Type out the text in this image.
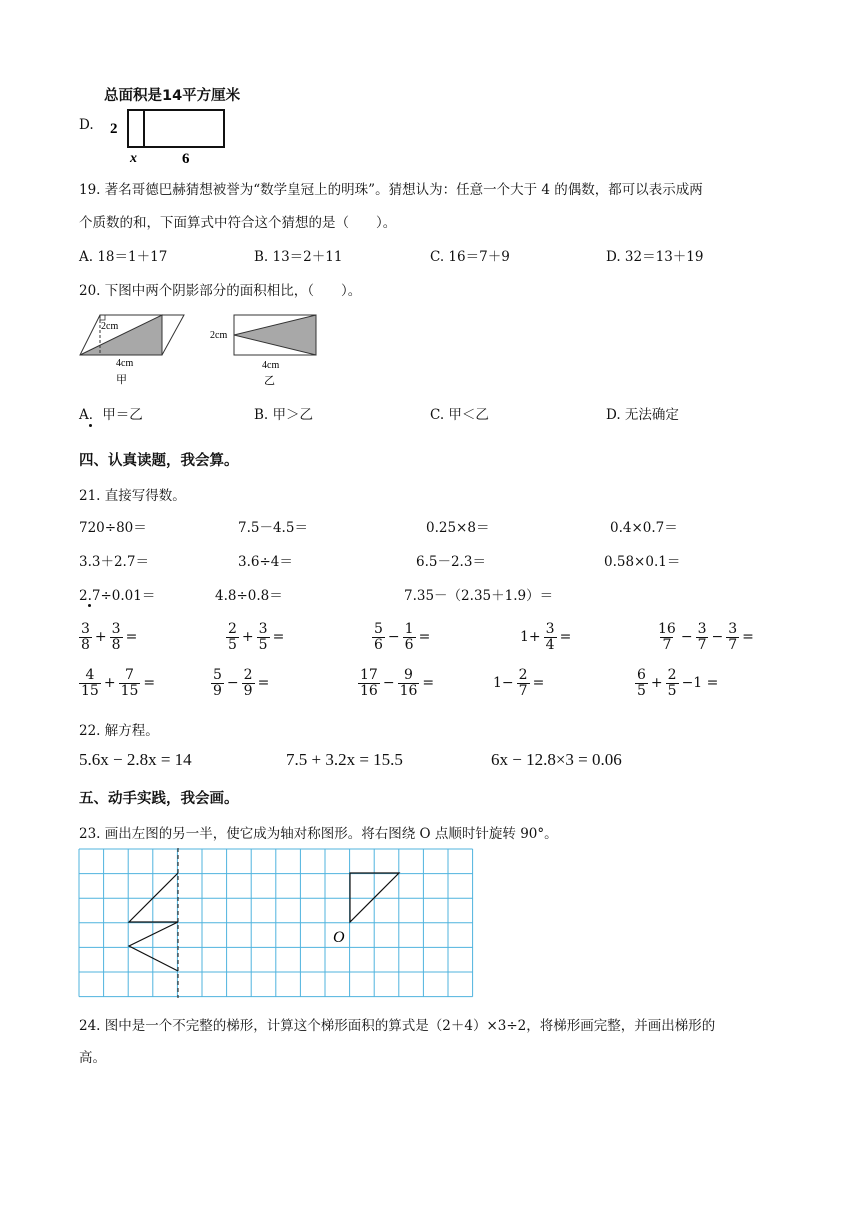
总面积是14平方厘米
D. 2
x	6
19. 著名哥德巴赫猜想被誉为“数学皇冠上的明珠”。猜想认为：任意一个大于 4 的偶数，都可以表示成两
个质数的和，下面算式中符合这个猜想的是（　　）。
A. 18＝1＋17	B. 13＝2＋11	C. 16＝7＋9	D. 32＝13＋19
20. 下图中两个阴影部分的面积相比，（　　）。
2cm
4cm
甲
2cm
4cm
乙
A．甲＝乙	B. 甲＞乙	C. 甲＜乙	D. 无法确定
四、认真读题，我会算。
21. 直接写得数。
720÷80＝	7.5－4.5＝	0.25×8＝	0.4×0.7＝
3.3＋2.7＝	3.6÷4＝	6.5－2.3＝	0.58×0.1＝
2.7÷0.01＝	4.8÷0.8＝	7.35－（2.35＋1.9）＝
$\frac{3}{8} + \frac{3}{8}$ =	$\frac{2}{5} + \frac{3}{5}$ =	$\frac{5}{6} - \frac{1}{6}$ =	$1+ \frac{3}{4}$ =	$\frac{16}{7} - \frac{3}{7} - \frac{3}{7}$ =
$\frac{4}{15} + \frac{7}{15}$ =	$\frac{5}{9} - \frac{2}{9}$ =	$\frac{17}{16} - \frac{9}{16}$ =	$1- \frac{2}{7}$ =	$\frac{6}{5} + \frac{2}{5} -1$ =
22. 解方程。
5.6x − 2.8x = 14	7.5 + 3.2x = 15.5	6x − 12.8×3 = 0.06
五、动手实践，我会画。
23. 画出左图的另一半，使它成为轴对称图形。将右图绕 O 点顺时针旋转 90°。
O
24. 图中是一个不完整的梯形，计算这个梯形面积的算式是（2＋4）×3÷2，将梯形画完整，并画出梯形的
高。
